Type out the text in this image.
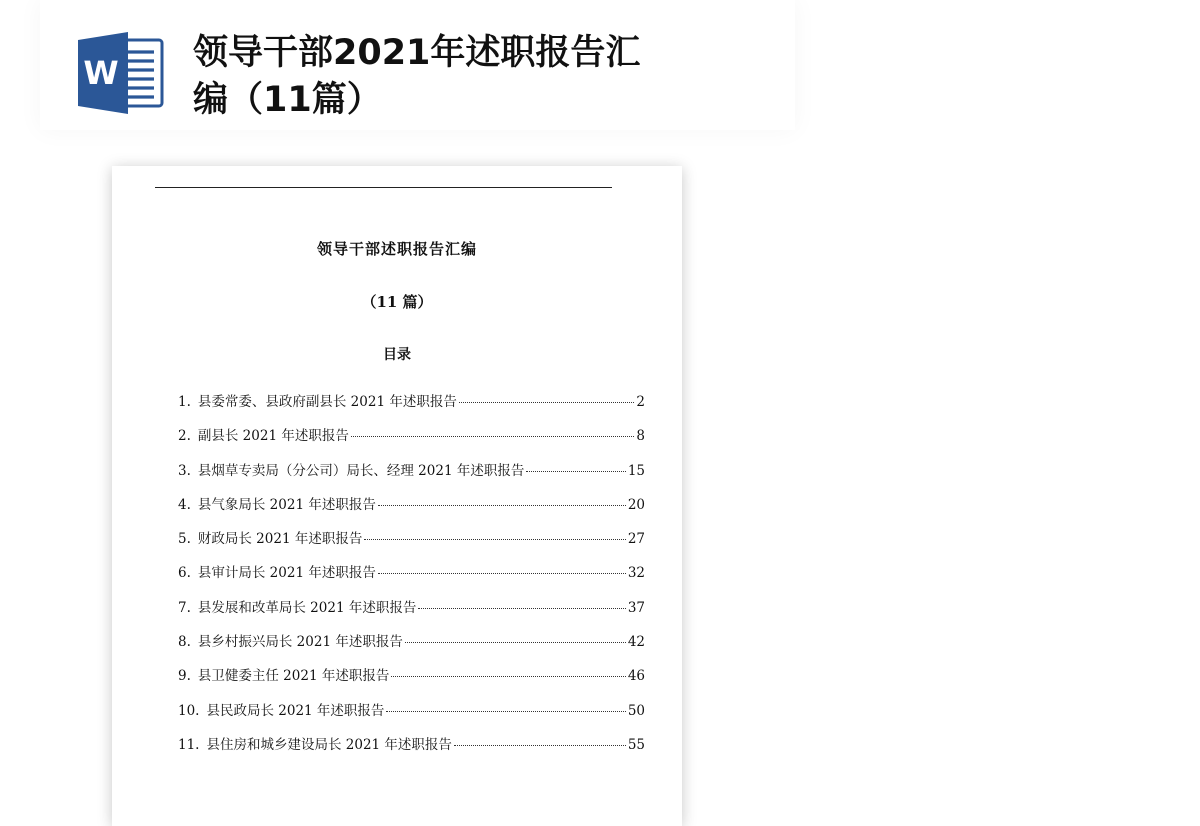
W 领导干部2021年述职报告汇编（11篇）
领导干部述职报告汇编
（11 篇）
目录
1. 县委常委、县政府副县长 2021 年述职报告	2
2. 副县长 2021 年述职报告	8
3. 县烟草专卖局（分公司）局长、经理 2021 年述职报告	15
4. 县气象局长 2021 年述职报告	20
5. 财政局长 2021 年述职报告	27
6. 县审计局长 2021 年述职报告	32
7. 县发展和改革局长 2021 年述职报告	37
8. 县乡村振兴局长 2021 年述职报告	42
9. 县卫健委主任 2021 年述职报告	46
10. 县民政局长 2021 年述职报告	50
11. 县住房和城乡建设局长 2021 年述职报告	55
